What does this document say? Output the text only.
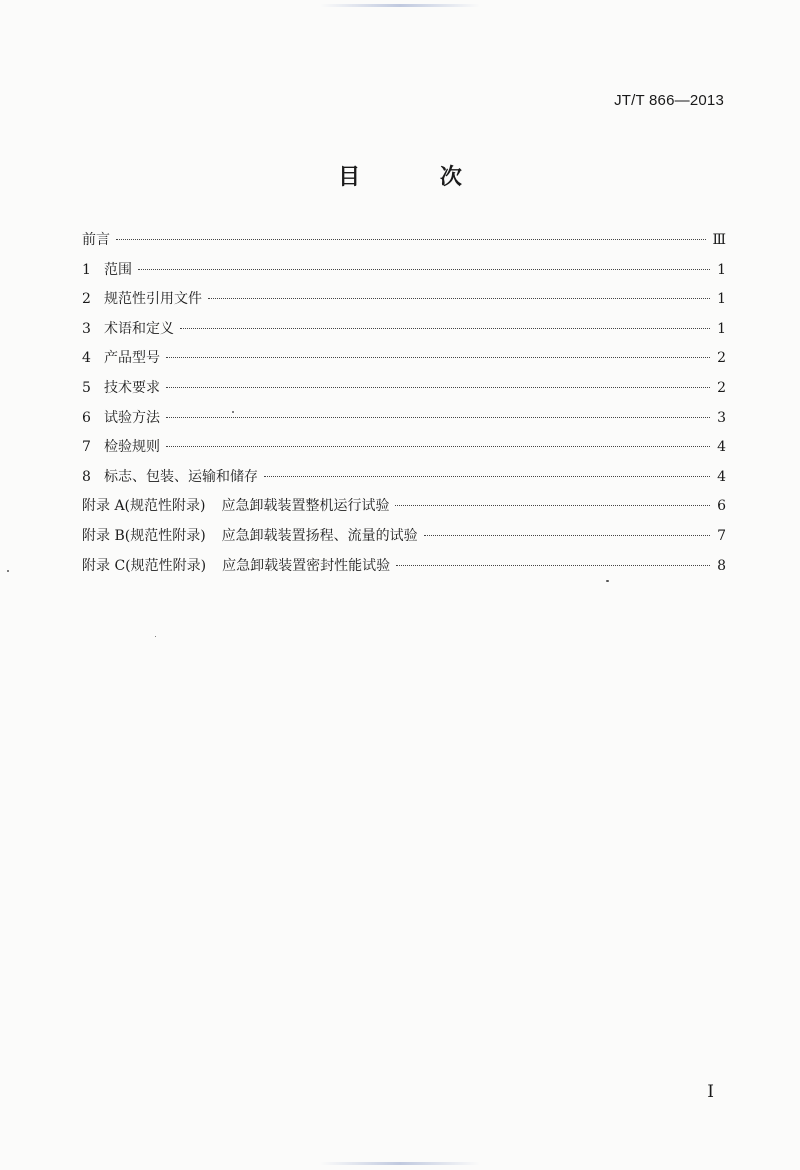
JT/T 866—2013
目 次
前言	Ⅲ
1 范围	1
2 规范性引用文件	1
3 术语和定义	1
4 产品型号	2
5 技术要求	2
6 试验方法	3
7 检验规则	4
8 标志、包装、运输和储存	4
附录 A(规范性附录) 应急卸载装置整机运行试验	6
附录 B(规范性附录) 应急卸载装置扬程、流量的试验	7
附录 C(规范性附录) 应急卸载装置密封性能试验	8
I
